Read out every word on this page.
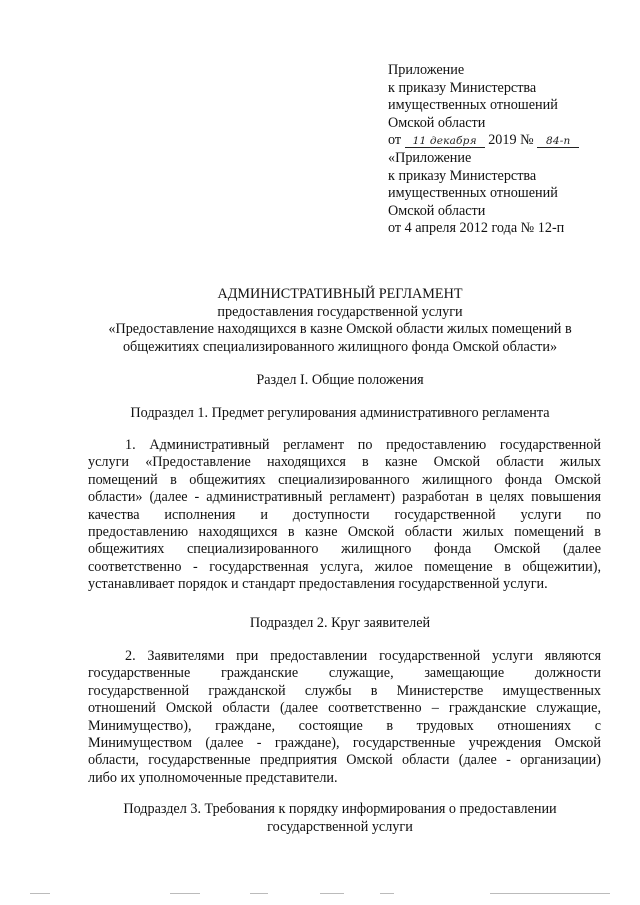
Приложение
к приказу Министерства
имущественных отношений
Омской области
от 11 декабря 2019 № 84-п
«Приложение
к приказу Министерства
имущественных отношений
Омской области
от 4 апреля 2012 года № 12-п
АДМИНИСТРАТИВНЫЙ РЕГЛАМЕНТ
предоставления государственной услуги
«Предоставление находящихся в казне Омской области жилых помещений в
общежитиях специализированного жилищного фонда Омской области»
Раздел I. Общие положения
Подраздел 1. Предмет регулирования административного регламента
1. Административный регламент по предоставлению государственной
услуги «Предоставление находящихся в казне Омской области жилых
помещений в общежитиях специализированного жилищного фонда Омской
области» (далее - административный регламент) разработан в целях повышения
качества исполнения и доступности государственной услуги по
предоставлению находящихся в казне Омской области жилых помещений в
общежитиях специализированного жилищного фонда Омской (далее
соответственно - государственная услуга, жилое помещение в общежитии),
устанавливает порядок и стандарт предоставления государственной услуги.
Подраздел 2. Круг заявителей
2. Заявителями при предоставлении государственной услуги являются
государственные гражданские служащие, замещающие должности
государственной гражданской службы в Министерстве имущественных
отношений Омской области (далее соответственно – гражданские служащие,
Минимущество), граждане, состоящие в трудовых отношениях с
Минимуществом (далее - граждане), государственные учреждения Омской
области, государственные предприятия Омской области (далее - организации)
либо их уполномоченные представители.
Подраздел 3. Требования к порядку информирования о предоставлении
государственной услуги
